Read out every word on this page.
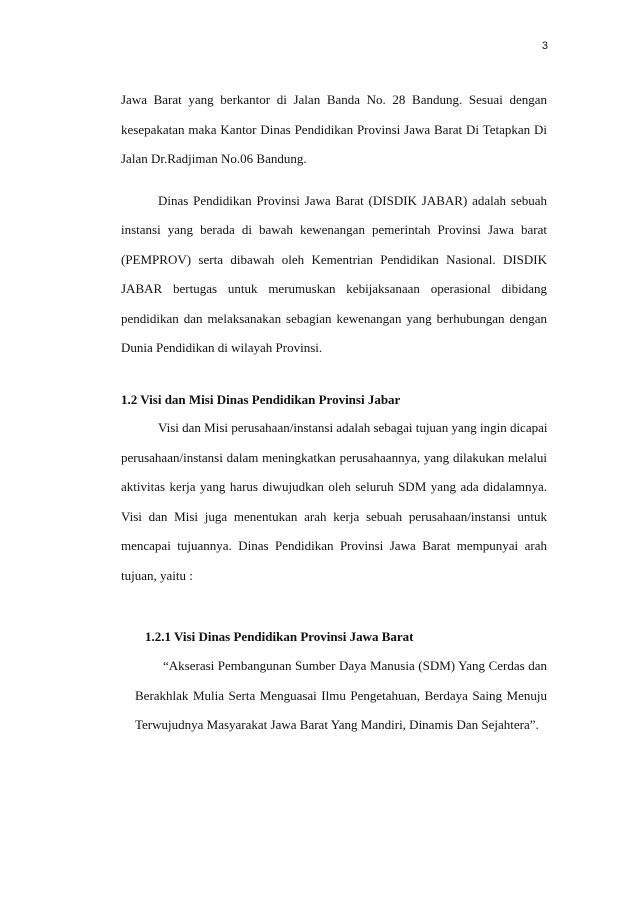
3
Jawa Barat yang berkantor di Jalan Banda No. 28 Bandung. Sesuai dengan
kesepakatan maka Kantor Dinas Pendidikan Provinsi Jawa Barat Di Tetapkan Di
Jalan Dr.Radjiman No.06 Bandung.
Dinas Pendidikan Provinsi Jawa Barat (DISDIK JABAR) adalah sebuah
instansi yang berada di bawah kewenangan pemerintah Provinsi Jawa barat
(PEMPROV) serta dibawah oleh Kementrian Pendidikan Nasional. DISDIK
JABAR bertugas untuk merumuskan kebijaksanaan operasional dibidang
pendidikan dan melaksanakan sebagian kewenangan yang berhubungan dengan
Dunia Pendidikan di wilayah Provinsi.
1.2 Visi dan Misi Dinas Pendidikan Provinsi Jabar
Visi dan Misi perusahaan/instansi adalah sebagai tujuan yang ingin dicapai
perusahaan/instansi dalam meningkatkan perusahaannya, yang dilakukan melalui
aktivitas kerja yang harus diwujudkan oleh seluruh SDM yang ada didalamnya.
Visi dan Misi juga menentukan arah kerja sebuah perusahaan/instansi untuk
mencapai tujuannya. Dinas Pendidikan Provinsi Jawa Barat mempunyai arah
tujuan, yaitu :
1.2.1 Visi Dinas Pendidikan Provinsi Jawa Barat
“Akserasi Pembangunan Sumber Daya Manusia (SDM) Yang Cerdas dan
Berakhlak Mulia Serta Menguasai Ilmu Pengetahuan, Berdaya Saing Menuju
Terwujudnya Masyarakat Jawa Barat Yang Mandiri, Dinamis Dan Sejahtera”.
